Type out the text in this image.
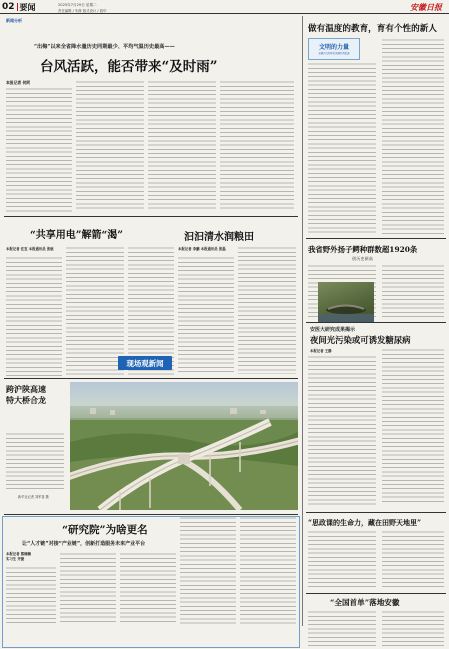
02 要闻	2025年7月29日 星期二
责任编辑 / 朱修 版式设计 / 钱华	安徽日报
新闻分析
“出梅”以来全省降水量历史同期最少、平均气温历史最高——
台风活跃，能否带来“及时雨”
本报记者 何阿
做有温度的教育，育有个性的新人
文明的力量
安徽省文明单位创建系列报道
“共享用电”解箭“渴”
本报记者 任宣 本报通讯员 张航
汩汩清水润粮田
本报记者 李鹏 本报通讯员 张磊
现场观新闻
跨沪陕高速
特大桥合龙
新华社记者 刘军喜 摄
我省野外扬子鳄种群数超1920条
创历史新高
安医大研究成果揭示
夜间光污染或可诱发糖尿病
本报记者 王静
“研究院”为啥更名
让“人才链”对接“产业链”，创新打造服务未来产业平台
本报记者 熊楠楠
实习生 齐捷
“思政课的生命力，藏在田野天地里”
“全国首单”落地安徽
